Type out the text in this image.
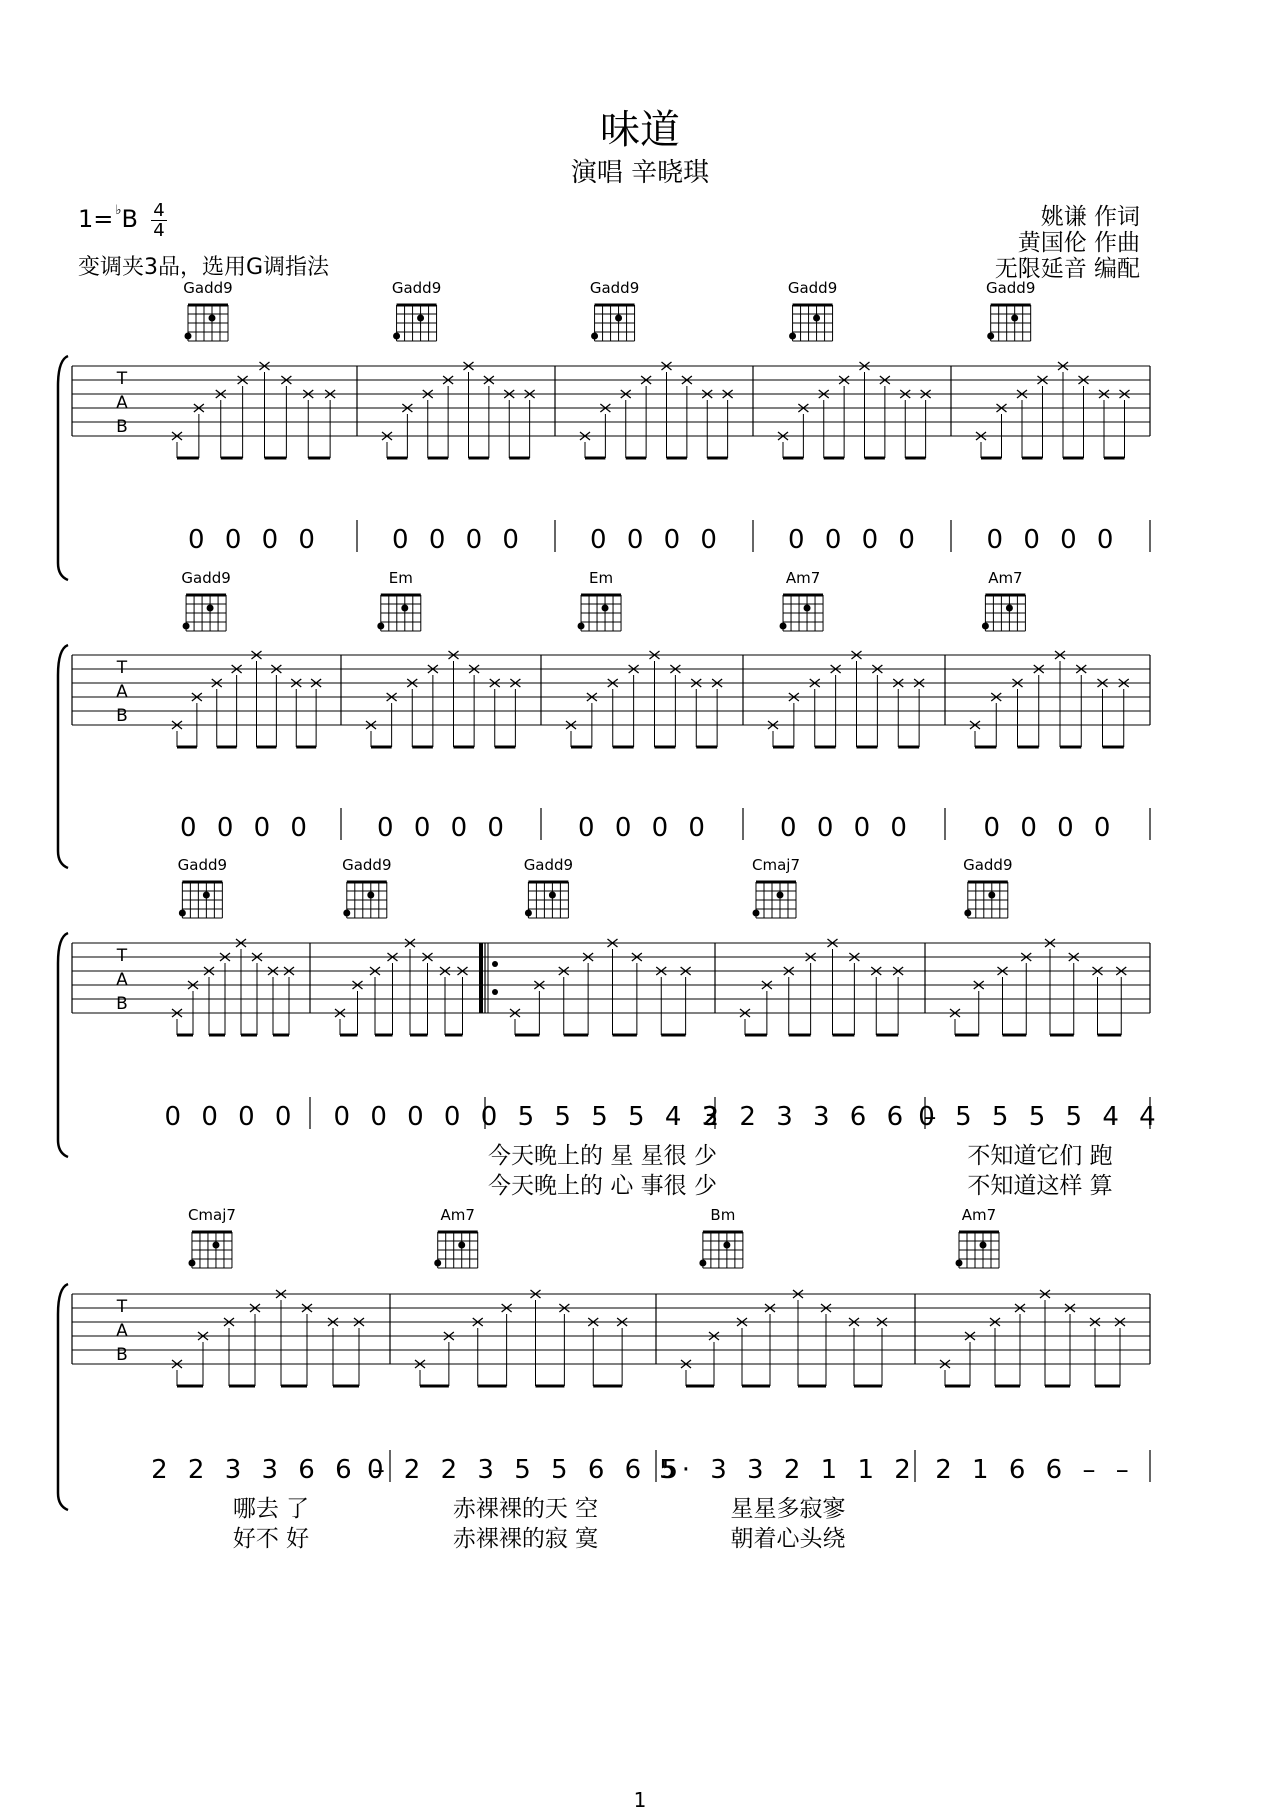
味道
演唱 辛晓琪
1= ♭B 4
4
变调夹3品，选用G调指法
姚谦 作词
黄国伦 作曲
无限延音 编配
T
A
B
Gadd9
0 0 0 0
Gadd9
0 0 0 0
Gadd9
0 0 0 0
Gadd9
0 0 0 0
Gadd9
0 0 0 0
T
A
B
Gadd9
0 0 0 0
Em
0 0 0 0
Em
0 0 0 0
Am7
0 0 0 0
Am7
0 0 0 0
T
A
B
Gadd9
0 0 0 0
Gadd9
0 0 0 0
Gadd9
0 5 5 5 5 4 3
今天晚上的 星 星很 少
今天晚上的 心 事很 少
Cmaj7
2 2 3 3 6 6 –
Gadd9
0 5 5 5 5 4 4
不知道它们 跑
不知道这样 算
T
A
B
Cmaj7
2 2 3 3 6 6 –
哪去 了
好不 好
Am7
0 2 2 3 5 5 6 6 5
赤裸裸的天 空
赤裸裸的寂 寞
Bm
5· 3 3 2 1 1 2
星星多寂寥
朝着心头绕
Am7
2 1 6 6 – –
1
